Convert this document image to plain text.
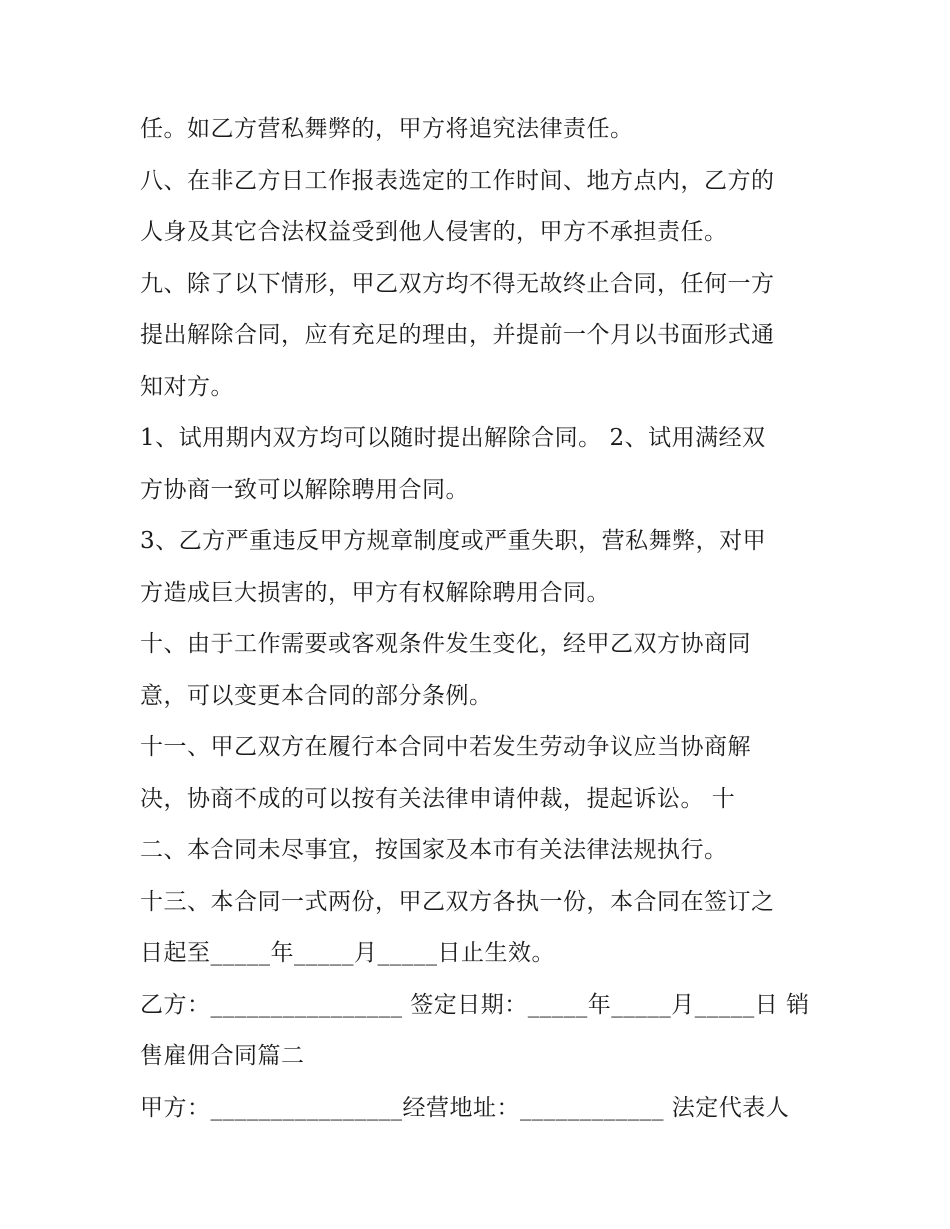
任。如乙方营私舞弊的，甲方将追究法律责任。
八、在非乙方日工作报表选定的工作时间、地方点内，乙方的
人身及其它合法权益受到他人侵害的，甲方不承担责任。
九、除了以下情形，甲乙双方均不得无故终止合同，任何一方
提出解除合同，应有充足的理由，并提前一个月以书面形式通
知对方。
1、试用期内双方均可以随时提出解除合同。 2、试用满经双
方协商一致可以解除聘用合同。
3、乙方严重违反甲方规章制度或严重失职，营私舞弊，对甲
方造成巨大损害的，甲方有权解除聘用合同。
十、由于工作需要或客观条件发生变化，经甲乙双方协商同
意，可以变更本合同的部分条例。
十一、甲乙双方在履行本合同中若发生劳动争议应当协商解
决，协商不成的可以按有关法律申请仲裁，提起诉讼。 十
二、本合同未尽事宜，按国家及本市有关法律法规执行。
十三、本合同一式两份，甲乙双方各执一份，本合同在签订之
日起至_____年_____月_____日止生效。
乙方：________________ 签定日期：_____年_____月_____日 销
售雇佣合同篇二
甲方：________________经营地址：____________ 法定代表人
